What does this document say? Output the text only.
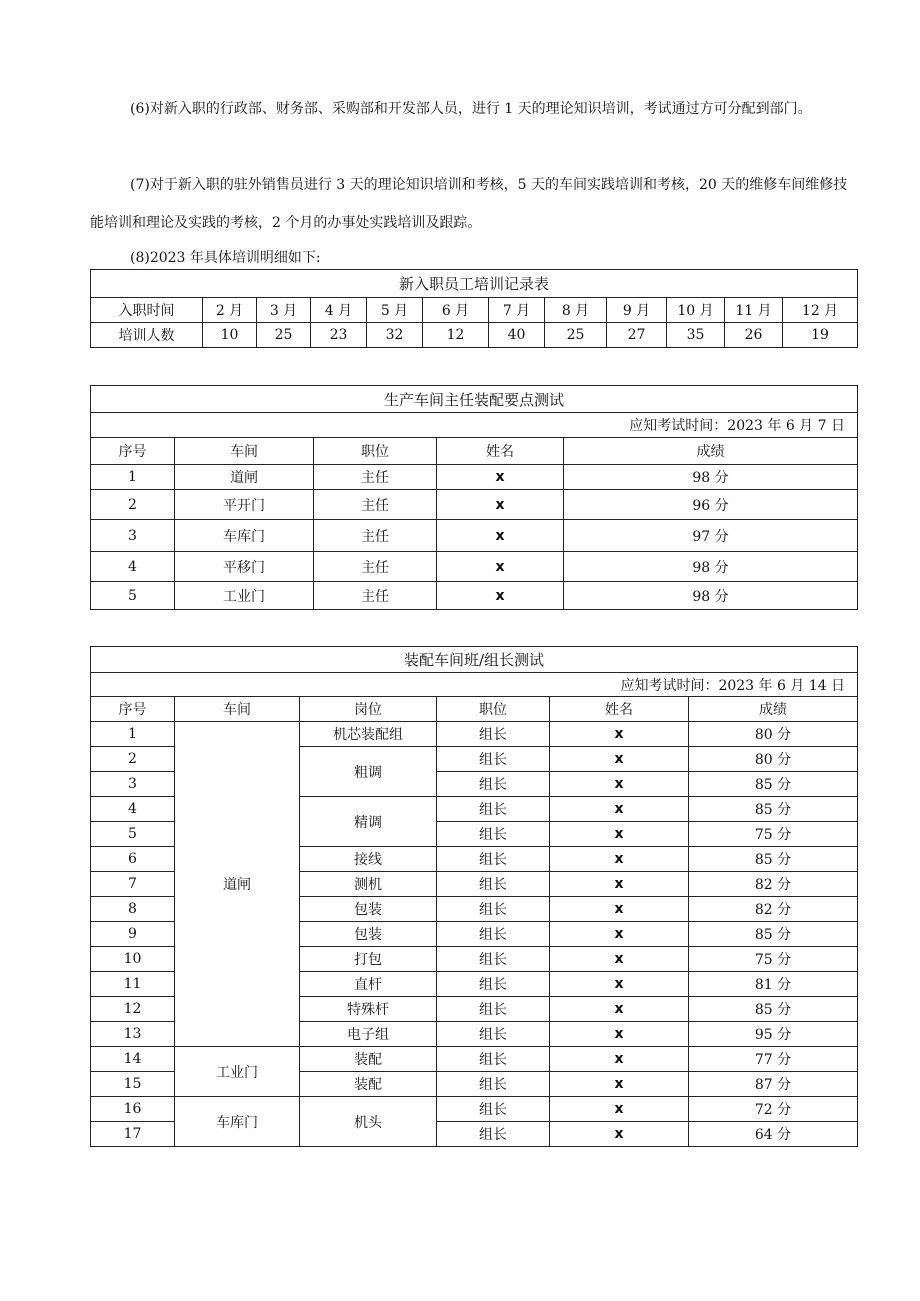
(6)对新入职的行政部、财务部、采购部和开发部人员，进行 1 天的理论知识培训，考试通过方可分配到部门。

(7)对于新入职的驻外销售员进行 3 天的理论知识培训和考核，5 天的车间实践培训和考核，20 天的维修车间维修技能培训和理论及实践的考核，2 个月的办事处实践培训及跟踪。

(8)2023 年具体培训明细如下:

新入职员工培训记录表											
入职时间	2 月	3 月	4 月	5 月	6 月	7 月	8 月	9 月	10 月	11 月	12 月
培训人数	10	25	23	32	12	40	25	27	35	26	19
生产车间主任装配要点测试				
应知考试时间：2023 年 6 月 7 日				
序号	车间	职位	姓名	成绩
1	道闸	主任	x	98 分
2	平开门	主任	x	96 分
3	车库门	主任	x	97 分
4	平移门	主任	x	98 分
5	工业门	主任	x	98 分
装配车间班/组长测试					
应知考试时间：2023 年 6 月 14 日					
序号	车间	岗位	职位	姓名	成绩
1	道闸	机芯装配组	组长	x	80 分
2		粗调	组长	x	80 分
3			组长	x	85 分
4		精调	组长	x	85 分
5			组长	x	75 分
6		接线	组长	x	85 分
7		测机	组长	x	82 分
8		包装	组长	x	82 分
9		包装	组长	x	85 分
10		打包	组长	x	75 分
11		直杆	组长	x	81 分
12		特殊杆	组长	x	85 分
13		电子组	组长	x	95 分
14	工业门	装配	组长	x	77 分
15		装配	组长	x	87 分
16	车库门	机头	组长	x	72 分
17			组长	x	64 分
